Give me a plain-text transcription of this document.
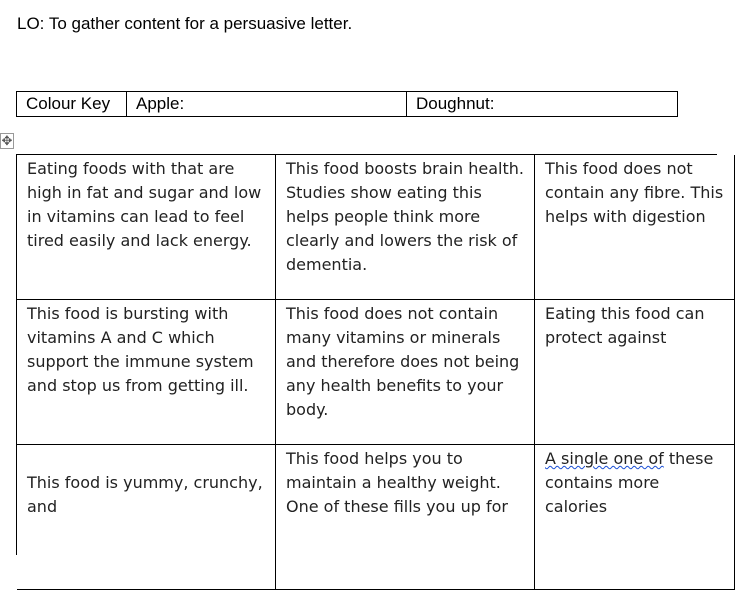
LO: To gather content for a persuasive letter.
Colour Key	Apple:	Doughnut:
✥
Eating foods with that are high in fat and sugar and low in vitamins can lead to feel tired easily and lack energy.
This food boosts brain health. Studies show eating this helps people think more clearly and lowers the risk of dementia.
This food does not contain any fibre. This helps with digestion
This food is bursting with vitamins A and C which support the immune system and stop us from getting ill.
This food does not contain many vitamins or minerals and therefore does not being any health benefits to your body.
Eating this food can protect against
This food is yummy, crunchy, and
This food helps you to maintain a healthy weight. One of these fills you up for
A single one of these contains more calories
